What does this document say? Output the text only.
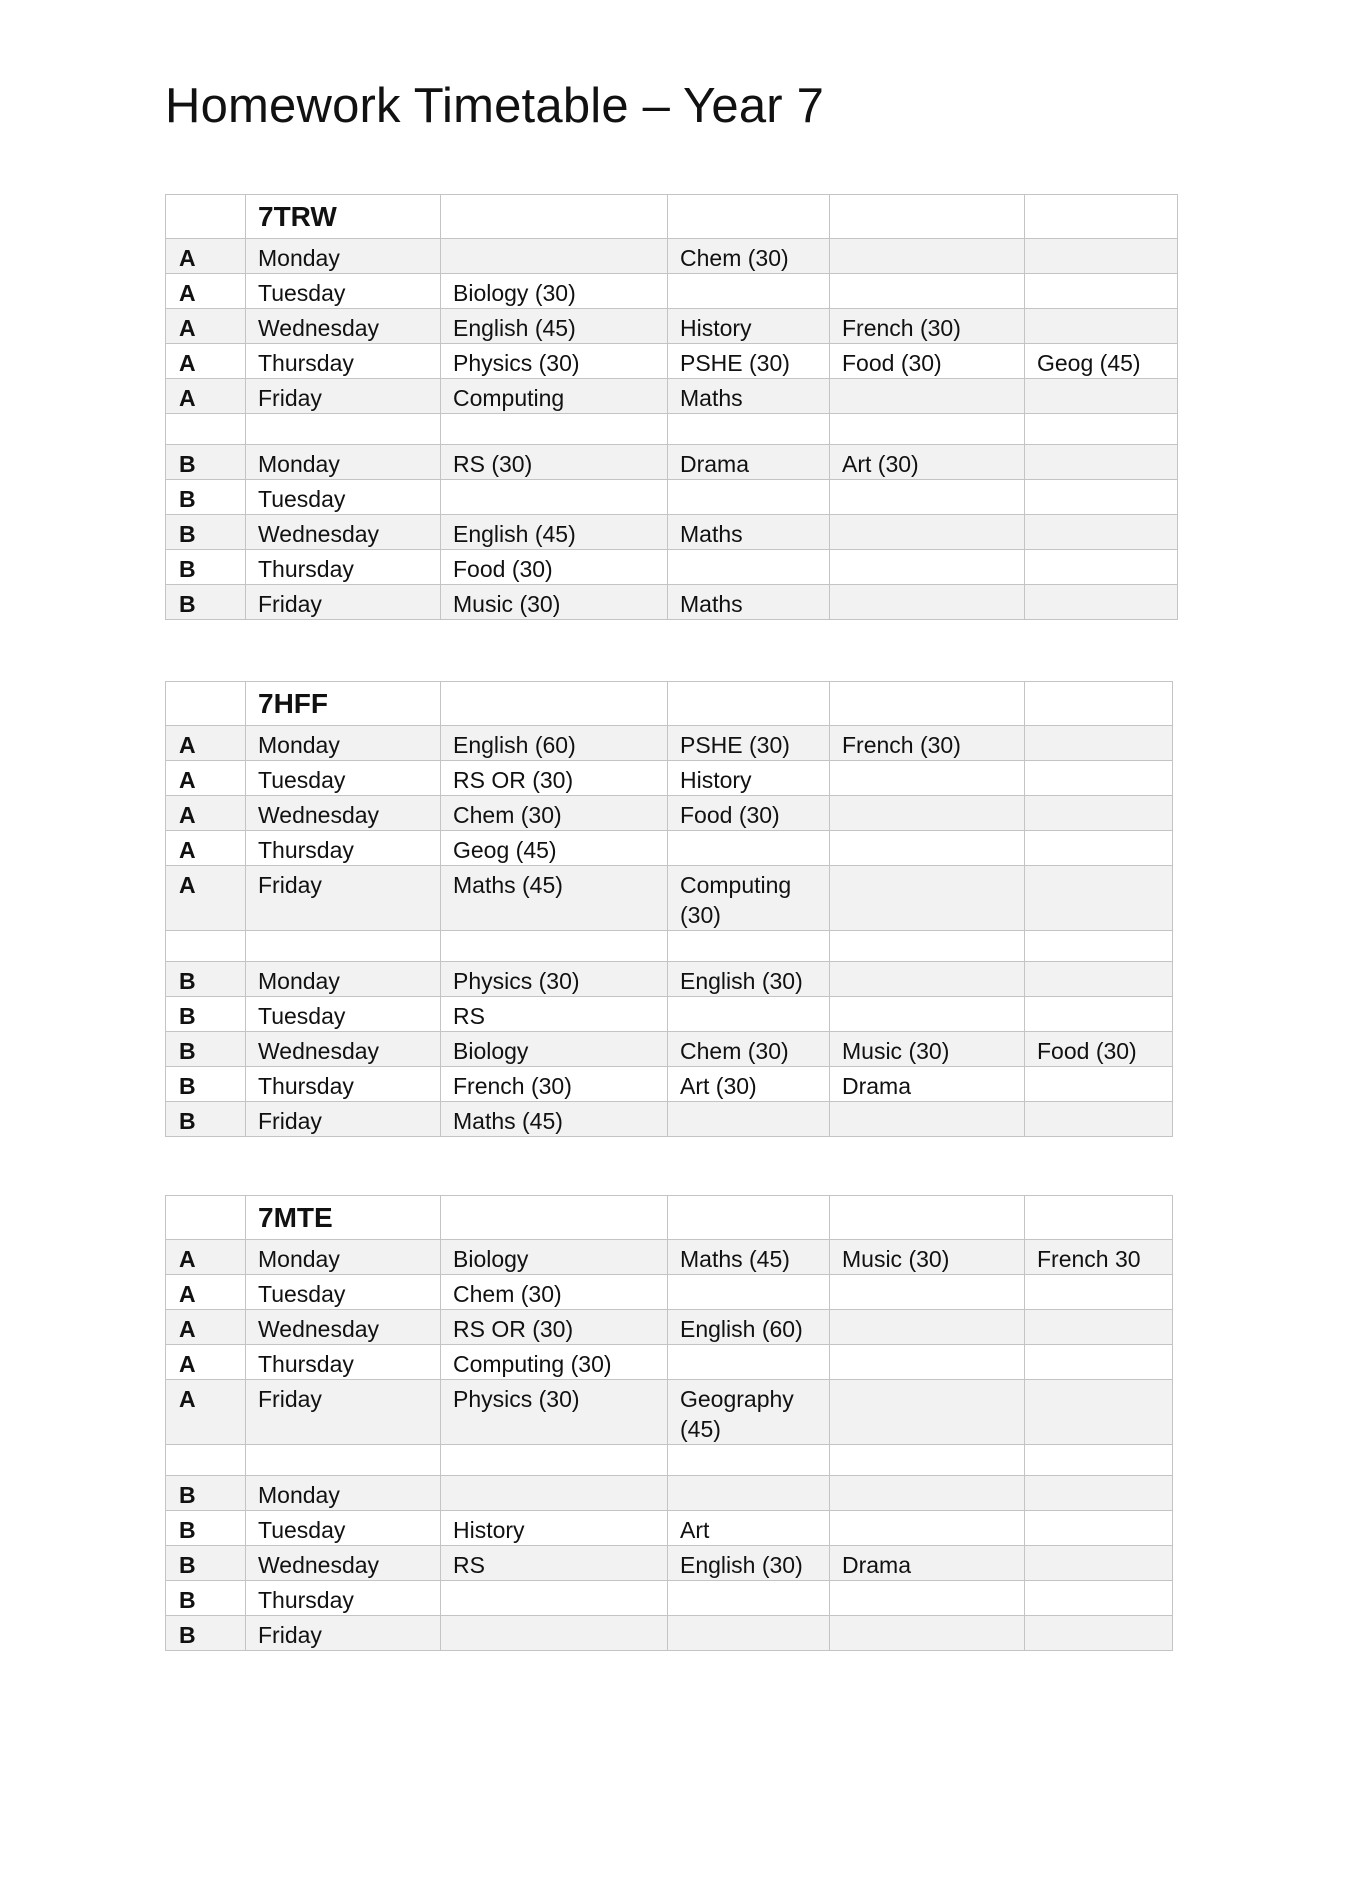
Homework Timetable – Year 7
	7TRW				
A	Monday		Chem (30)		
A	Tuesday	Biology (30)			
A	Wednesday	English (45)	History	French (30)	
A	Thursday	Physics (30)	PSHE (30)	Food (30)	Geog (45)
A	Friday	Computing	Maths		

B	Monday	RS (30)	Drama	Art (30)	
B	Tuesday				
B	Wednesday	English (45)	Maths		
B	Thursday	Food (30)			
B	Friday	Music (30)	Maths		
	7HFF				
A	Monday	English (60)	PSHE (30)	French (30)	
A	Tuesday	RS OR (30)	History		
A	Wednesday	Chem (30)	Food (30)		
A	Thursday	Geog (45)			
A	Friday	Maths (45)	Computing (30)		

B	Monday	Physics (30)	English (30)		
B	Tuesday	RS			
B	Wednesday	Biology	Chem (30)	Music (30)	Food (30)
B	Thursday	French (30)	Art (30)	Drama	
B	Friday	Maths (45)			
	7MTE				
A	Monday	Biology	Maths (45)	Music (30)	French 30
A	Tuesday	Chem (30)			
A	Wednesday	RS OR (30)	English (60)		
A	Thursday	Computing (30)			
A	Friday	Physics (30)	Geography (45)		

B	Monday				
B	Tuesday	History	Art		
B	Wednesday	RS	English (30)	Drama	
B	Thursday				
B	Friday				
